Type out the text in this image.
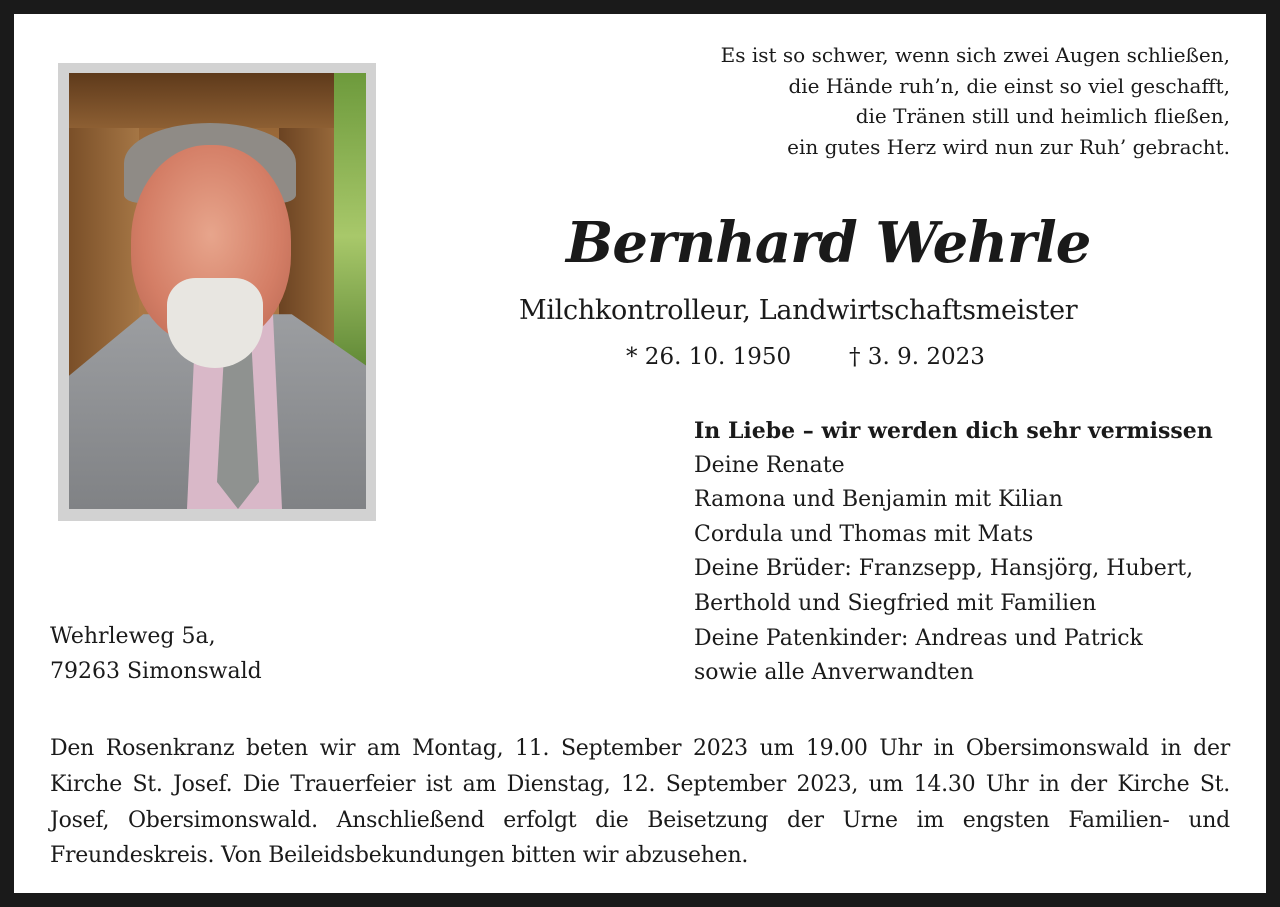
Es ist so schwer, wenn sich zwei Augen schließen,
die Hände ruh’n, die einst so viel geschafft,
die Tränen still und heimlich fließen,
ein gutes Herz wird nun zur Ruh’ gebracht.
Bernhard Wehrle
Milchkontrolleur, Landwirtschaftsmeister
* 26. 10. 1950	† 3. 9. 2023
In Liebe – wir werden dich sehr vermissen
Deine Renate
Ramona und Benjamin mit Kilian
Cordula und Thomas mit Mats
Deine Brüder: Franzsepp, Hansjörg, Hubert,
Berthold und Siegfried mit Familien
Deine Patenkinder: Andreas und Patrick
sowie alle Anverwandten
Wehrleweg 5a,
79263 Simonswald
Den Rosenkranz beten wir am Montag, 11. September 2023 um 19.00 Uhr in Obersimonswald in der Kirche St. Josef. Die Trauerfeier ist am Dienstag, 12. September 2023, um 14.30 Uhr in der Kirche St. Josef, Obersimonswald. Anschließend erfolgt die Beisetzung der Urne im engsten Familien- und Freundeskreis. Von Beileidsbekundungen bitten wir abzusehen.
